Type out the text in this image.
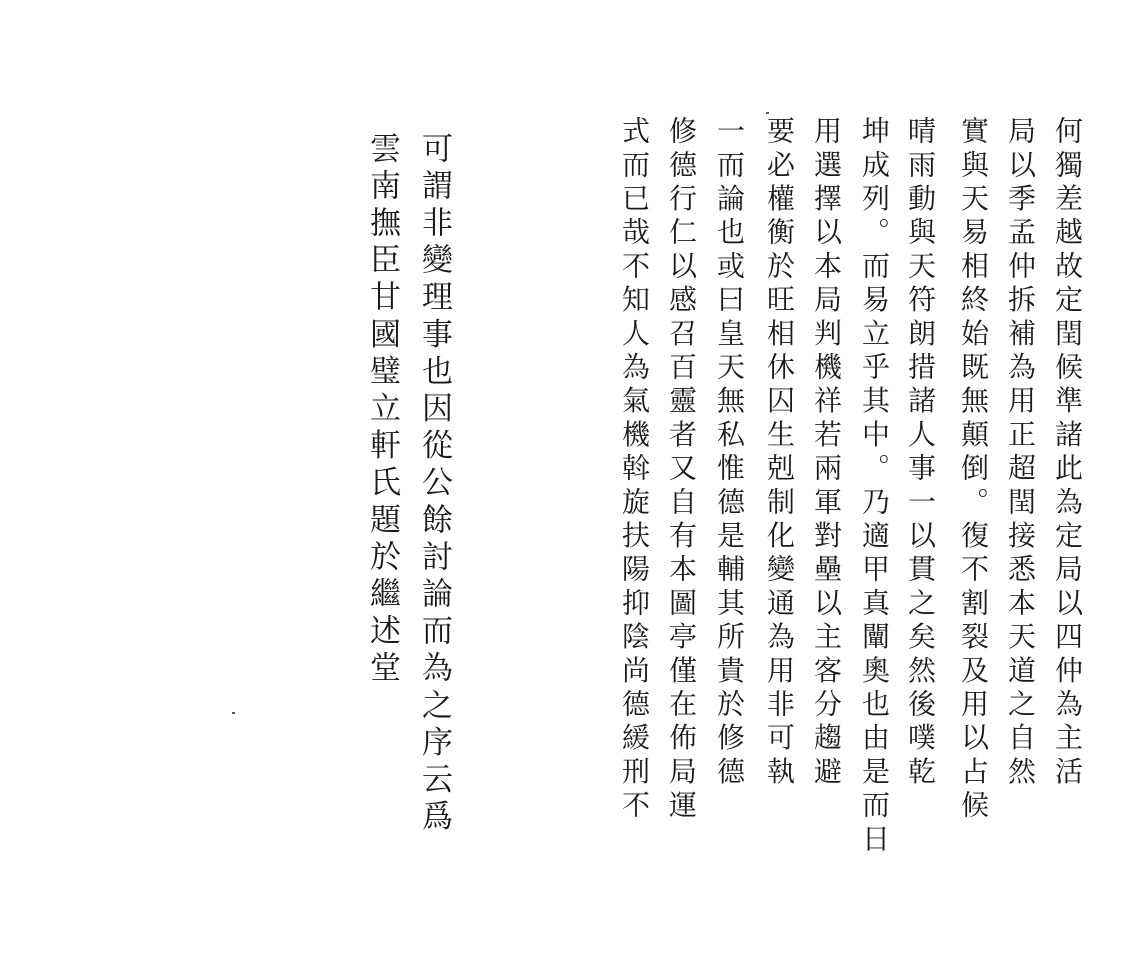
何獨差越故定閏候準諸此為定局以四仲為主活
局以季孟仲拆補為用正超閏接悉本天道之自然
實與天易相終始既無顛倒。復不割裂及用以占候
晴雨動與天符朗措諸人事一以貫之矣然後噗乾
坤成列。而易立乎其中。乃適甲真闡奧也由是而日
用選擇以本局判機祥若兩軍對壘以主客分趨避
要必權衡於旺相休囚生剋制化變通為用非可執
一而論也或曰皇天無私惟德是輔其所貴於修德
修德行仁以感召百靈者又自有本圖亭僅在佈局運
式而已哉不知人為氣機斡旋扶陽抑陰尚德緩刑不
可謂非變理事也因從公餘討論而為之序云爲
雲南撫臣甘國璧立軒氏題於繼述堂
